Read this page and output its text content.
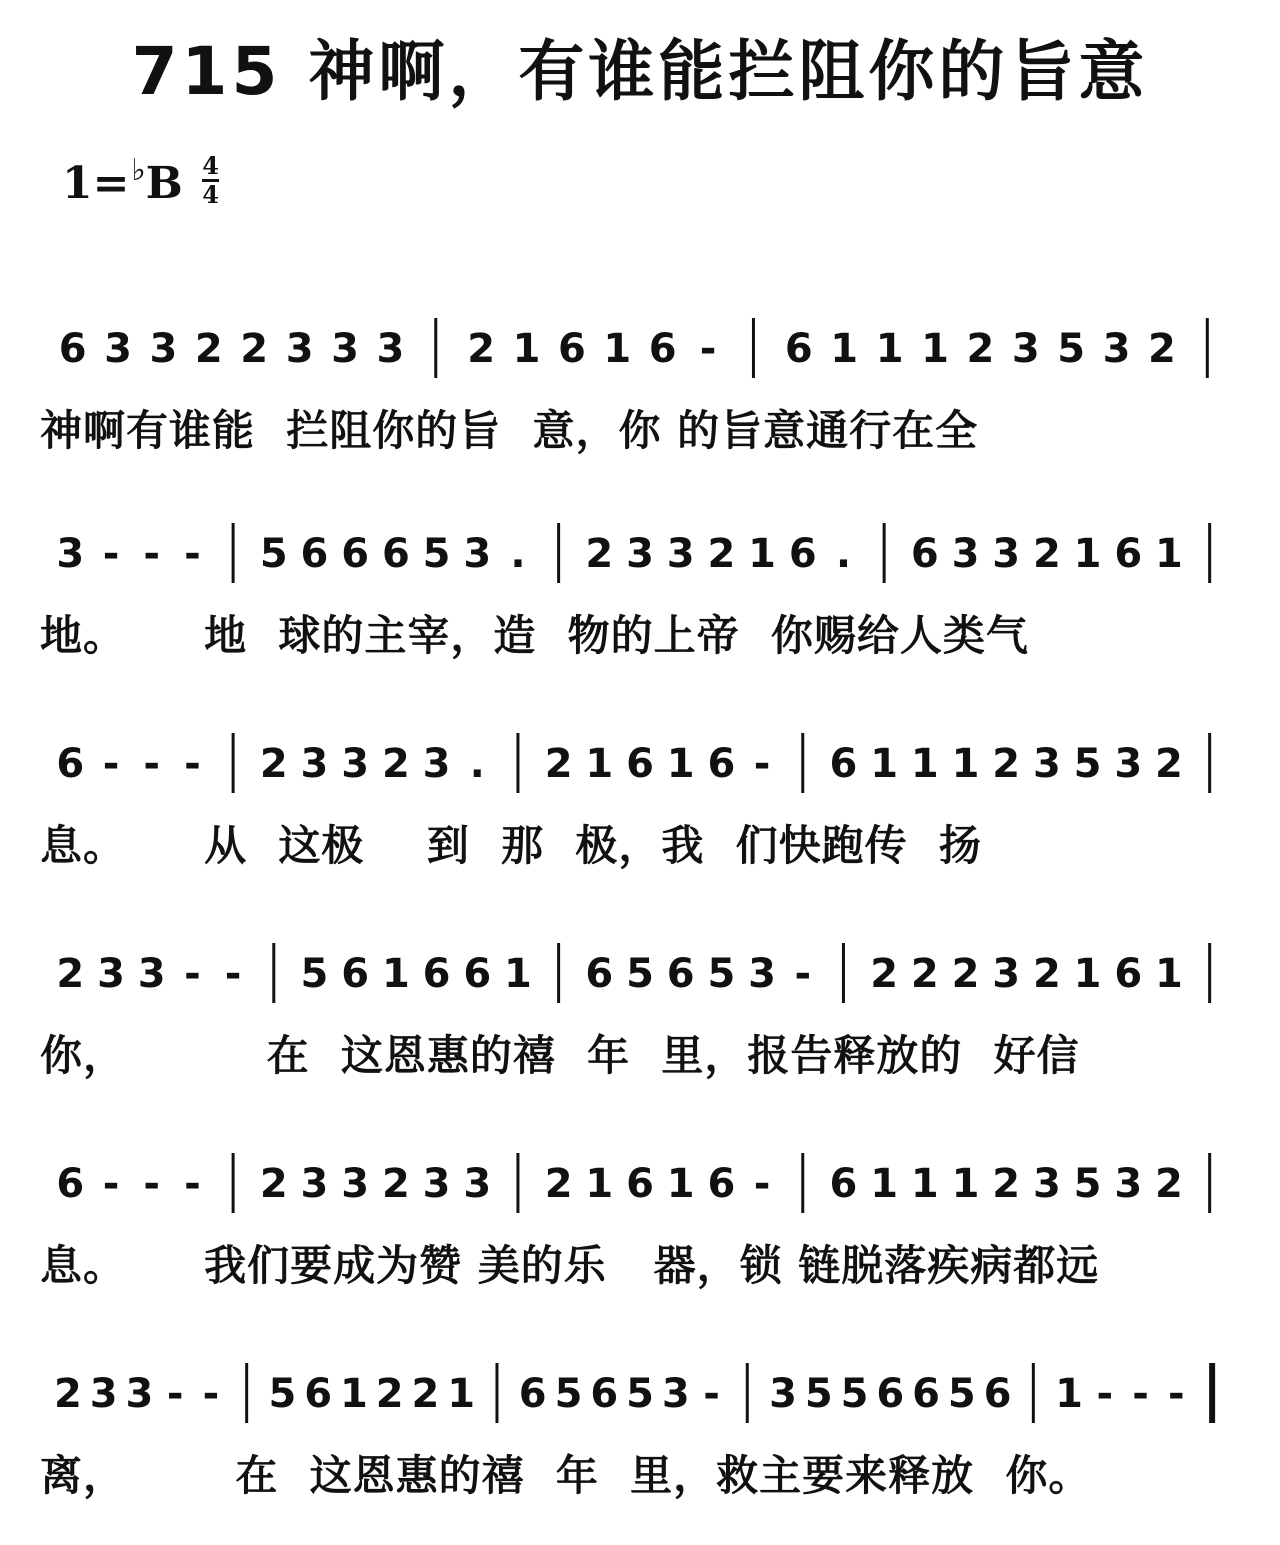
715 神啊，有谁能拦阻你的旨意
$1=^♭B \frac{4}{4}$
6 3 3 2 2 3 3 3 2 1 6 1 6 - 6 1 1 1 2 3 5 3 2
神啊有谁能  拦阻你的旨  意，你 的旨意通行在全
3 - - - 5 6 6 6 5 3 . 2 3 3 2 1 6 . 6 3 3 2 1 6 1
地。     地  球的主宰，造  物的上帝  你赐给人类气
6 - - - 2 3 3 2 3 . 2 1 6 1 6 - 6 1 1 1 2 3 5 3 2
息。     从  这极    到  那  极，我  们快跑传  扬
2 3 3 - - 5 6 1 6 6 1 6 5 6 5 3 - 2 2 2 3 2 1 6 1
你，         在  这恩惠的禧  年  里，报告释放的  好信
6 - - - 2 3 3 2 3 3 2 1 6 1 6 - 6 1 1 1 2 3 5 3 2
息。     我们要成为赞 美的乐   器，锁 链脱落疾病都远
2 3 3 - - 5 6 1 2 2 1 6 5 6 5 3 - 3 5 5 6 6 5 6 1 - - -
离，       在  这恩惠的禧  年  里，救主要来释放  你。
